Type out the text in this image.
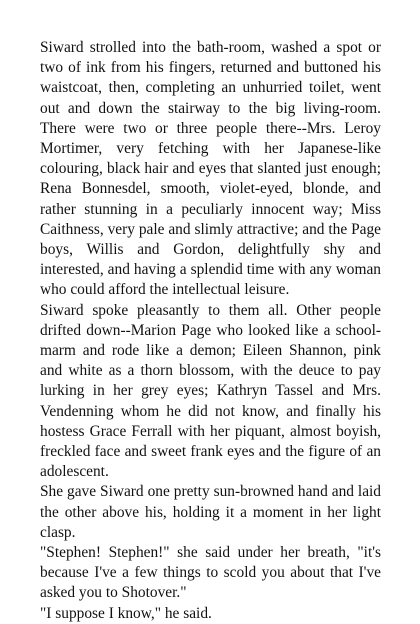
Siward strolled into the bath-room, washed a spot or two of ink from his fingers, returned and buttoned his waistcoat, then, completing an unhurried toilet, went out and down the stairway to the big living-room. There were two or three people there--Mrs. Leroy Mortimer, very fetching with her Japanese-like colouring, black hair and eyes that slanted just enough; Rena Bonnesdel, smooth, violet-eyed, blonde, and rather stunning in a peculiarly innocent way; Miss Caithness, very pale and slimly attractive; and the Page boys, Willis and Gordon, delightfully shy and interested, and having a splendid time with any woman who could afford the intellectual leisure.

Siward spoke pleasantly to them all. Other people drifted down--Marion Page who looked like a school-marm and rode like a demon; Eileen Shannon, pink and white as a thorn blossom, with the deuce to pay lurking in her grey eyes; Kathryn Tassel and Mrs. Vendenning whom he did not know, and finally his hostess Grace Ferrall with her piquant, almost boyish, freckled face and sweet frank eyes and the figure of an adolescent.

She gave Siward one pretty sun-browned hand and laid the other above his, holding it a moment in her light clasp.

"Stephen! Stephen!" she said under her breath, "it's because I've a few things to scold you about that I've asked you to Shotover."

"I suppose I know," he said.
